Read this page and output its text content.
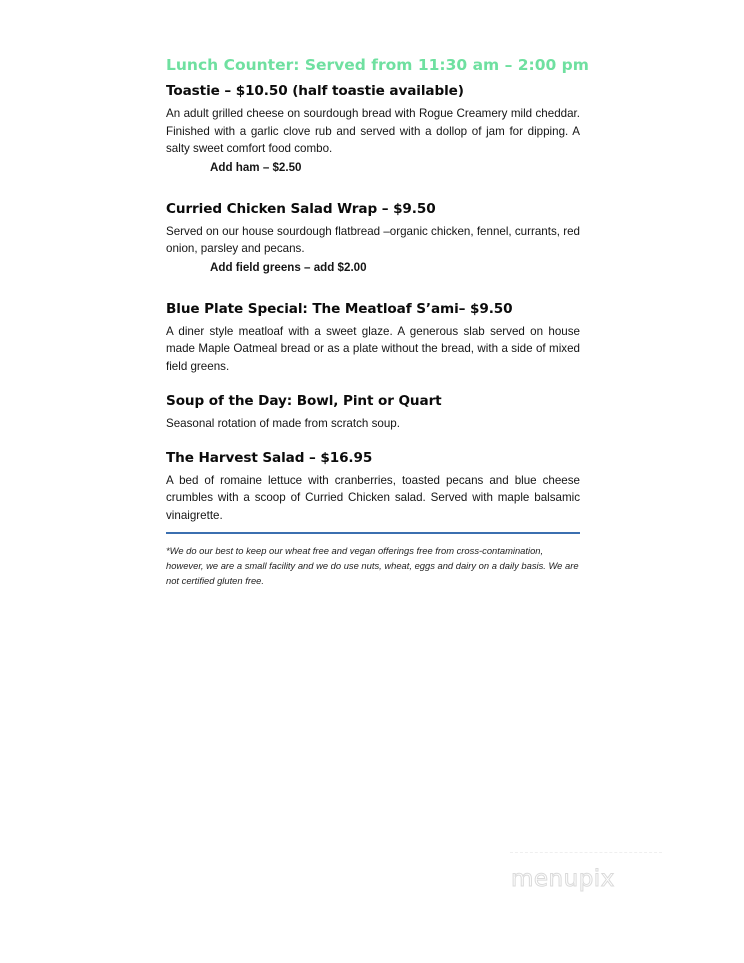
Lunch Counter: Served from 11:30 am – 2:00 pm
Toastie – $10.50 (half toastie available)

An adult grilled cheese on sourdough bread with Rogue Creamery mild cheddar. Finished with a garlic clove rub and served with a dollop of jam for dipping. A salty sweet comfort food combo.

Add ham – $2.50

Curried Chicken Salad Wrap – $9.50

Served on our house sourdough flatbread –organic chicken, fennel, currants, red onion, parsley and pecans.

Add field greens – add $2.00

Blue Plate Special: The Meatloaf S’ami– $9.50

A diner style meatloaf with a sweet glaze. A generous slab served on house made Maple Oatmeal bread or as a plate without the bread, with a side of mixed field greens.

Soup of the Day: Bowl, Pint or Quart

Seasonal rotation of made from scratch soup.

The Harvest Salad – $16.95

A bed of romaine lettuce with cranberries, toasted pecans and blue cheese crumbles with a scoop of Curried Chicken salad. Served with maple balsamic vinaigrette.

*We do our best to keep our wheat free and vegan offerings free from cross-contamination, however, we are a small facility and we do use nuts, wheat, eggs and dairy on a daily basis. We are not certified gluten free.

menupix
